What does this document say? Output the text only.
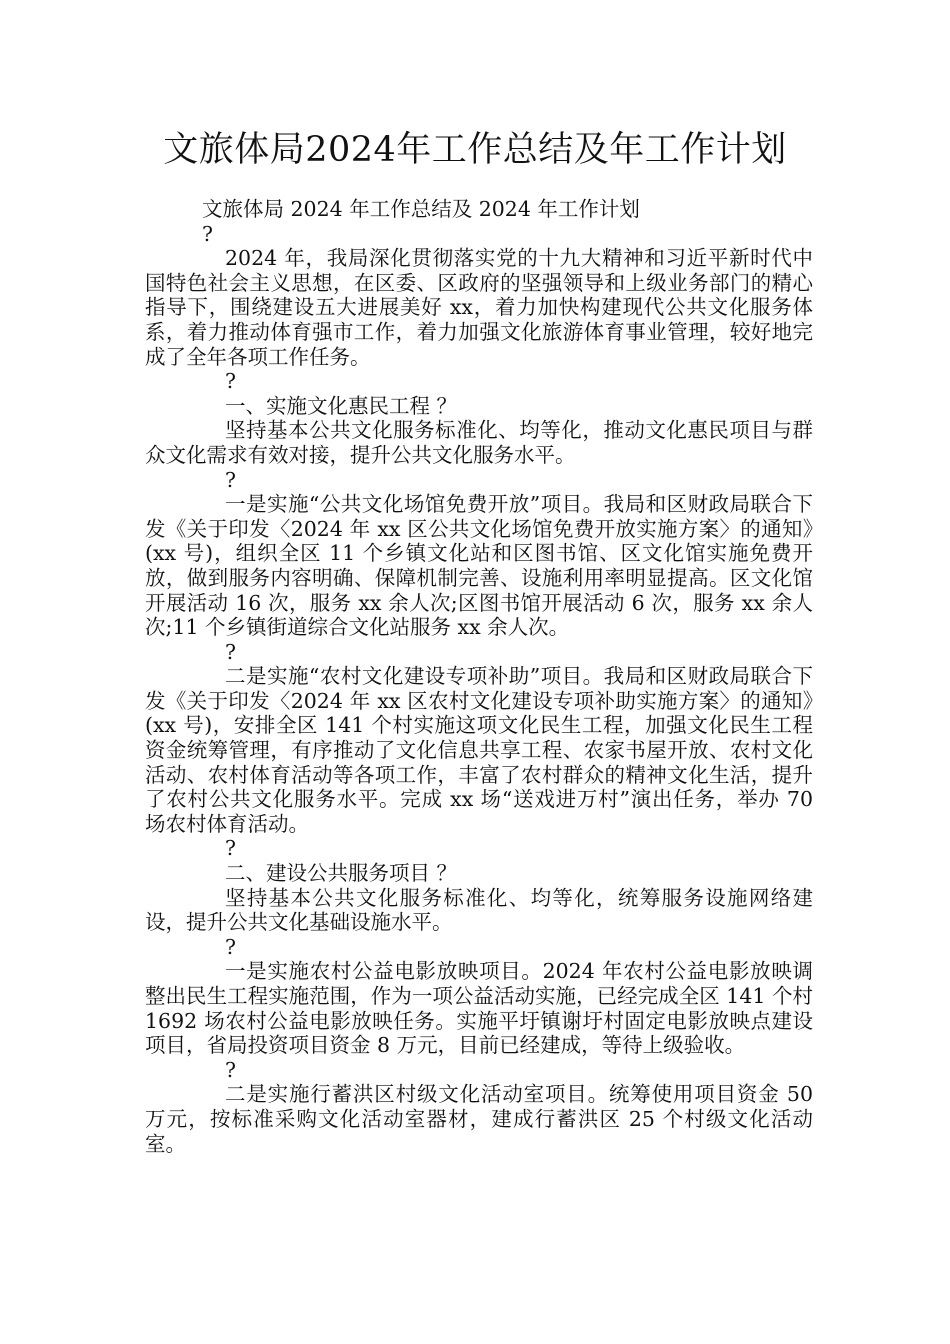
文旅体局2024年工作总结及年工作计划
文旅体局 2024 年工作总结及 2024 年工作计划
?

2024 年，我局深化贯彻落实党的十九大精神和习近平新时代中国特色社会主义思想，在区委、区政府的坚强领导和上级业务部门的精心指导下，围绕建设五大进展美好 xx，着力加快构建现代公共文化服务体系，着力推动体育强市工作，着力加强文化旅游体育事业管理，较好地完成了全年各项工作任务。

?
一、实施文化惠民工程 ？

坚持基本公共文化服务标准化、均等化，推动文化惠民项目与群众文化需求有效对接，提升公共文化服务水平。

?

一是实施“公共文化场馆免费开放”项目。我局和区财政局联合下发《关于印发〈2024 年 xx 区公共文化场馆免费开放实施方案〉的通知》(xx 号)，组织全区 11 个乡镇文化站和区图书馆、区文化馆实施免费开放，做到服务内容明确、保障机制完善、设施利用率明显提高。区文化馆开展活动 16 次，服务 xx 余人次;区图书馆开展活动 6 次，服务 xx 余人次;11 个乡镇街道综合文化站服务 xx 余人次。

?

二是实施“农村文化建设专项补助”项目。我局和区财政局联合下发《关于印发〈2024 年 xx 区农村文化建设专项补助实施方案〉的通知》(xx 号)，安排全区 141 个村实施这项文化民生工程，加强文化民生工程资金统筹管理，有序推动了文化信息共享工程、农家书屋开放、农村文化活动、农村体育活动等各项工作，丰富了农村群众的精神文化生活，提升了农村公共文化服务水平。完成 xx 场“送戏进万村”演出任务，举办 70 场农村体育活动。

?
二、建设公共服务项目 ？

坚持基本公共文化服务标准化、均等化，统筹服务设施网络建设，提升公共文化基础设施水平。

?

一是实施农村公益电影放映项目。2024 年农村公益电影放映调整出民生工程实施范围，作为一项公益活动实施，已经完成全区 141 个村 1692 场农村公益电影放映任务。实施平圩镇谢圩村固定电影放映点建设项目，省局投资项目资金 8 万元，目前已经建成，等待上级验收。

?

二是实施行蓄洪区村级文化活动室项目。统筹使用项目资金 50 万元，按标准采购文化活动室器材，建成行蓄洪区 25 个村级文化活动室。
